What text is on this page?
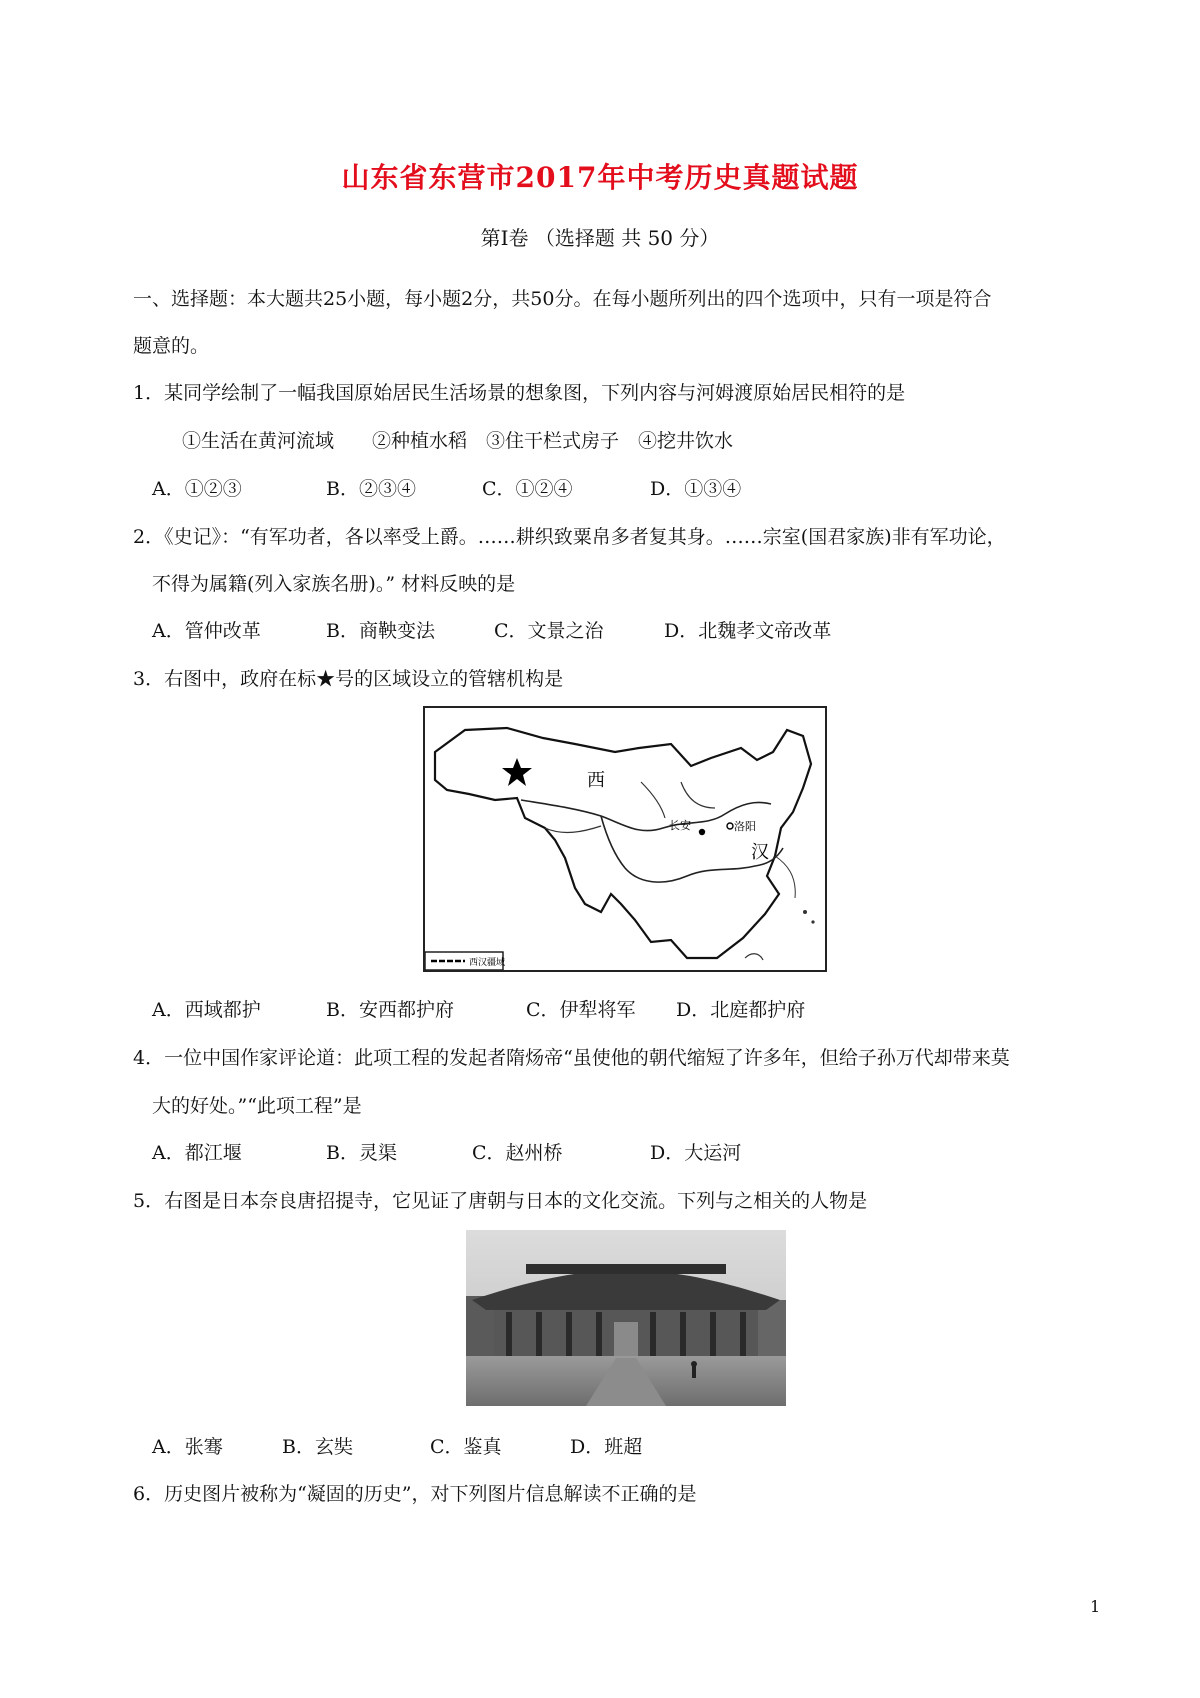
山东省东营市2017年中考历史真题试题
第Ⅰ卷 （选择题 共 50 分）
一、选择题：本大题共25小题，每小题2分，共50分。在每小题所列出的四个选项中，只有一项是符合
题意的。
1．某同学绘制了一幅我国原始居民生活场景的想象图，下列内容与河姆渡原始居民相符的是
①生活在黄河流域　　②种植水稻　③住干栏式房子　④挖井饮水
A．①②③	B．②③④	C．①②④	D．①③④
2．《史记》：“有军功者，各以率受上爵。……耕织致粟帛多者复其身。……宗室(国君家族)非有军功论，
不得为属籍(列入家族名册)。” 材料反映的是
A．管仲改革	B．商鞅变法	C．文景之治	D．北魏孝文帝改革
3．右图中，政府在标★号的区域设立的管辖机构是
西
汉
长安	洛阳
西汉疆域
A．西域都护	B．安西都护府	C．伊犁将军 D．北庭都护府
4．一位中国作家评论道：此项工程的发起者隋炀帝“虽使他的朝代缩短了许多年，但给子孙万代却带来莫
大的好处。”“此项工程”是
A．都江堰	B．灵渠	C．赵州桥	D．大运河
5．右图是日本奈良唐招提寺，它见证了唐朝与日本的文化交流。下列与之相关的人物是
A．张骞	B．玄奘	C．鉴真	D．班超
6．历史图片被称为“凝固的历史”，对下列图片信息解读不正确的是
1
